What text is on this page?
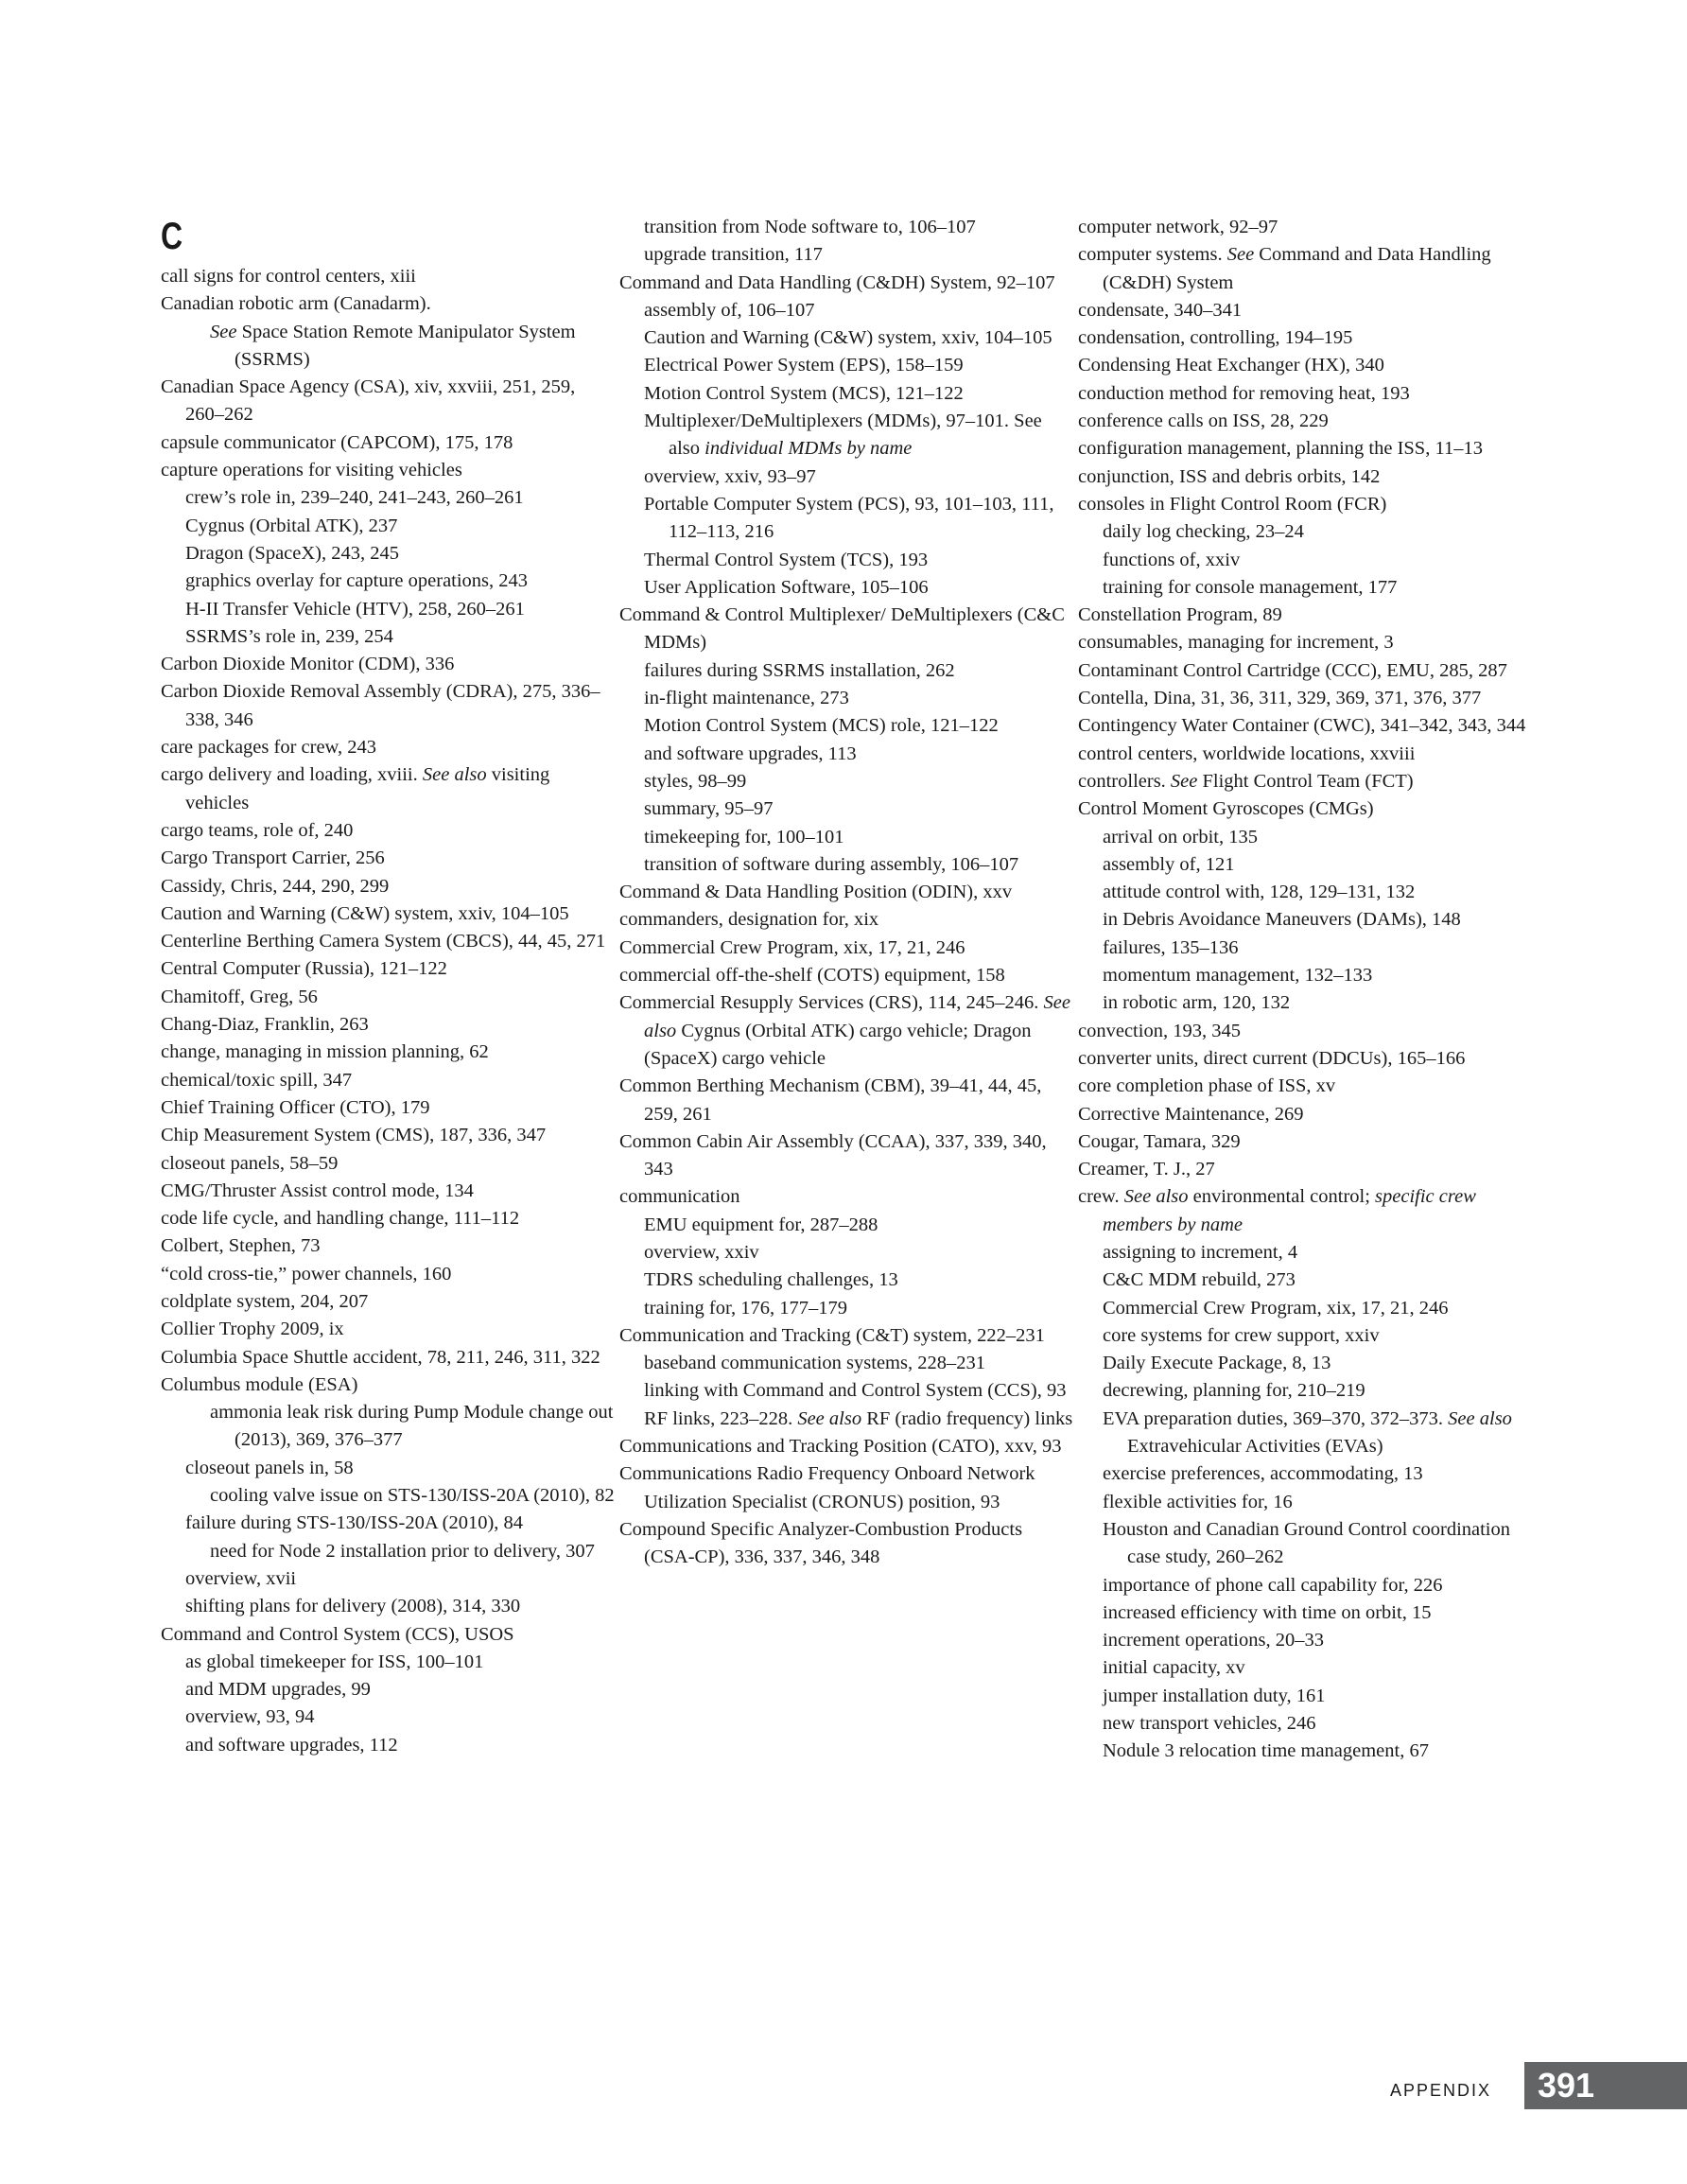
C
call signs for control centers, xiii
Canadian robotic arm (Canadarm).
See Space Station Remote Manipulator System (SSRMS)
Canadian Space Agency (CSA), xiv, xxviii, 251, 259, 260–262
capsule communicator (CAPCOM), 175, 178
capture operations for visiting vehicles
crew’s role in, 239–240, 241–243, 260–261
Cygnus (Orbital ATK), 237
Dragon (SpaceX), 243, 245
graphics overlay for capture operations, 243
H-II Transfer Vehicle (HTV), 258, 260–261
SSRMS’s role in, 239, 254
Carbon Dioxide Monitor (CDM), 336
Carbon Dioxide Removal Assembly (CDRA), 275, 336–338, 346
care packages for crew, 243
cargo delivery and loading, xviii. See also visiting vehicles
cargo teams, role of, 240
Cargo Transport Carrier, 256
Cassidy, Chris, 244, 290, 299
Caution and Warning (C&W) system, xxiv, 104–105
Centerline Berthing Camera System (CBCS), 44, 45, 271
Central Computer (Russia), 121–122
Chamitoff, Greg, 56
Chang-Diaz, Franklin, 263
change, managing in mission planning, 62
chemical/toxic spill, 347
Chief Training Officer (CTO), 179
Chip Measurement System (CMS), 187, 336, 347
closeout panels, 58–59
CMG/Thruster Assist control mode, 134
code life cycle, and handling change, 111–112
Colbert, Stephen, 73
“cold cross-tie,” power channels, 160
coldplate system, 204, 207
Collier Trophy 2009, ix
Columbia Space Shuttle accident, 78, 211, 246, 311, 322
Columbus module (ESA)
ammonia leak risk during Pump Module change out (2013), 369, 376–377
closeout panels in, 58
cooling valve issue on STS-130/ISS-20A (2010), 82
failure during STS-130/ISS-20A (2010), 84
need for Node 2 installation prior to delivery, 307
overview, xvii
shifting plans for delivery (2008), 314, 330
Command and Control System (CCS), USOS
as global timekeeper for ISS, 100–101
and MDM upgrades, 99
overview, 93, 94
and software upgrades, 112
transition from Node software to, 106–107
upgrade transition, 117
Command and Data Handling (C&DH) System, 92–107
assembly of, 106–107
Caution and Warning (C&W) system, xxiv, 104–105
Electrical Power System (EPS), 158–159
Motion Control System (MCS), 121–122
Multiplexer/DeMultiplexers (MDMs), 97–101. See also individual MDMs by name
overview, xxiv, 93–97
Portable Computer System (PCS), 93, 101–103, 111, 112–113, 216
Thermal Control System (TCS), 193
User Application Software, 105–106
Command & Control Multiplexer/ DeMultiplexers (C&C MDMs)
failures during SSRMS installation, 262
in-flight maintenance, 273
Motion Control System (MCS) role, 121–122
and software upgrades, 113
styles, 98–99
summary, 95–97
timekeeping for, 100–101
transition of software during assembly, 106–107
Command & Data Handling Position (ODIN), xxv
commanders, designation for, xix
Commercial Crew Program, xix, 17, 21, 246
commercial off-the-shelf (COTS) equipment, 158
Commercial Resupply Services (CRS), 114, 245–246. See also Cygnus (Orbital ATK) cargo vehicle; Dragon (SpaceX) cargo vehicle
Common Berthing Mechanism (CBM), 39–41, 44, 45, 259, 261
Common Cabin Air Assembly (CCAA), 337, 339, 340, 343
communication
EMU equipment for, 287–288
overview, xxiv
TDRS scheduling challenges, 13
training for, 176, 177–179
Communication and Tracking (C&T) system, 222–231
baseband communication systems, 228–231
linking with Command and Control System (CCS), 93
RF links, 223–228. See also RF (radio frequency) links
Communications and Tracking Position (CATO), xxv, 93
Communications Radio Frequency Onboard Network Utilization Specialist (CRONUS) position, 93
Compound Specific Analyzer-Combustion Products (CSA-CP), 336, 337, 346, 348
computer network, 92–97
computer systems. See Command and Data Handling (C&DH) System
condensate, 340–341
condensation, controlling, 194–195
Condensing Heat Exchanger (HX), 340
conduction method for removing heat, 193
conference calls on ISS, 28, 229
configuration management, planning the ISS, 11–13
conjunction, ISS and debris orbits, 142
consoles in Flight Control Room (FCR)
daily log checking, 23–24
functions of, xxiv
training for console management, 177
Constellation Program, 89
consumables, managing for increment, 3
Contaminant Control Cartridge (CCC), EMU, 285, 287
Contella, Dina, 31, 36, 311, 329, 369, 371, 376, 377
Contingency Water Container (CWC), 341–342, 343, 344
control centers, worldwide locations, xxviii
controllers. See Flight Control Team (FCT)
Control Moment Gyroscopes (CMGs)
arrival on orbit, 135
assembly of, 121
attitude control with, 128, 129–131, 132
in Debris Avoidance Maneuvers (DAMs), 148
failures, 135–136
momentum management, 132–133
in robotic arm, 120, 132
convection, 193, 345
converter units, direct current (DDCUs), 165–166
core completion phase of ISS, xv
Corrective Maintenance, 269
Cougar, Tamara, 329
Creamer, T. J., 27
crew. See also environmental control; specific crew members by name
assigning to increment, 4
C&C MDM rebuild, 273
Commercial Crew Program, xix, 17, 21, 246
core systems for crew support, xxiv
Daily Execute Package, 8, 13
decrewing, planning for, 210–219
EVA preparation duties, 369–370, 372–373. See also Extravehicular Activities (EVAs)
exercise preferences, accommodating, 13
flexible activities for, 16
Houston and Canadian Ground Control coordination case study, 260–262
importance of phone call capability for, 226
increased efficiency with time on orbit, 15
increment operations, 20–33
initial capacity, xv
jumper installation duty, 161
new transport vehicles, 246
Nodule 3 relocation time management, 67
APPENDIX 391
